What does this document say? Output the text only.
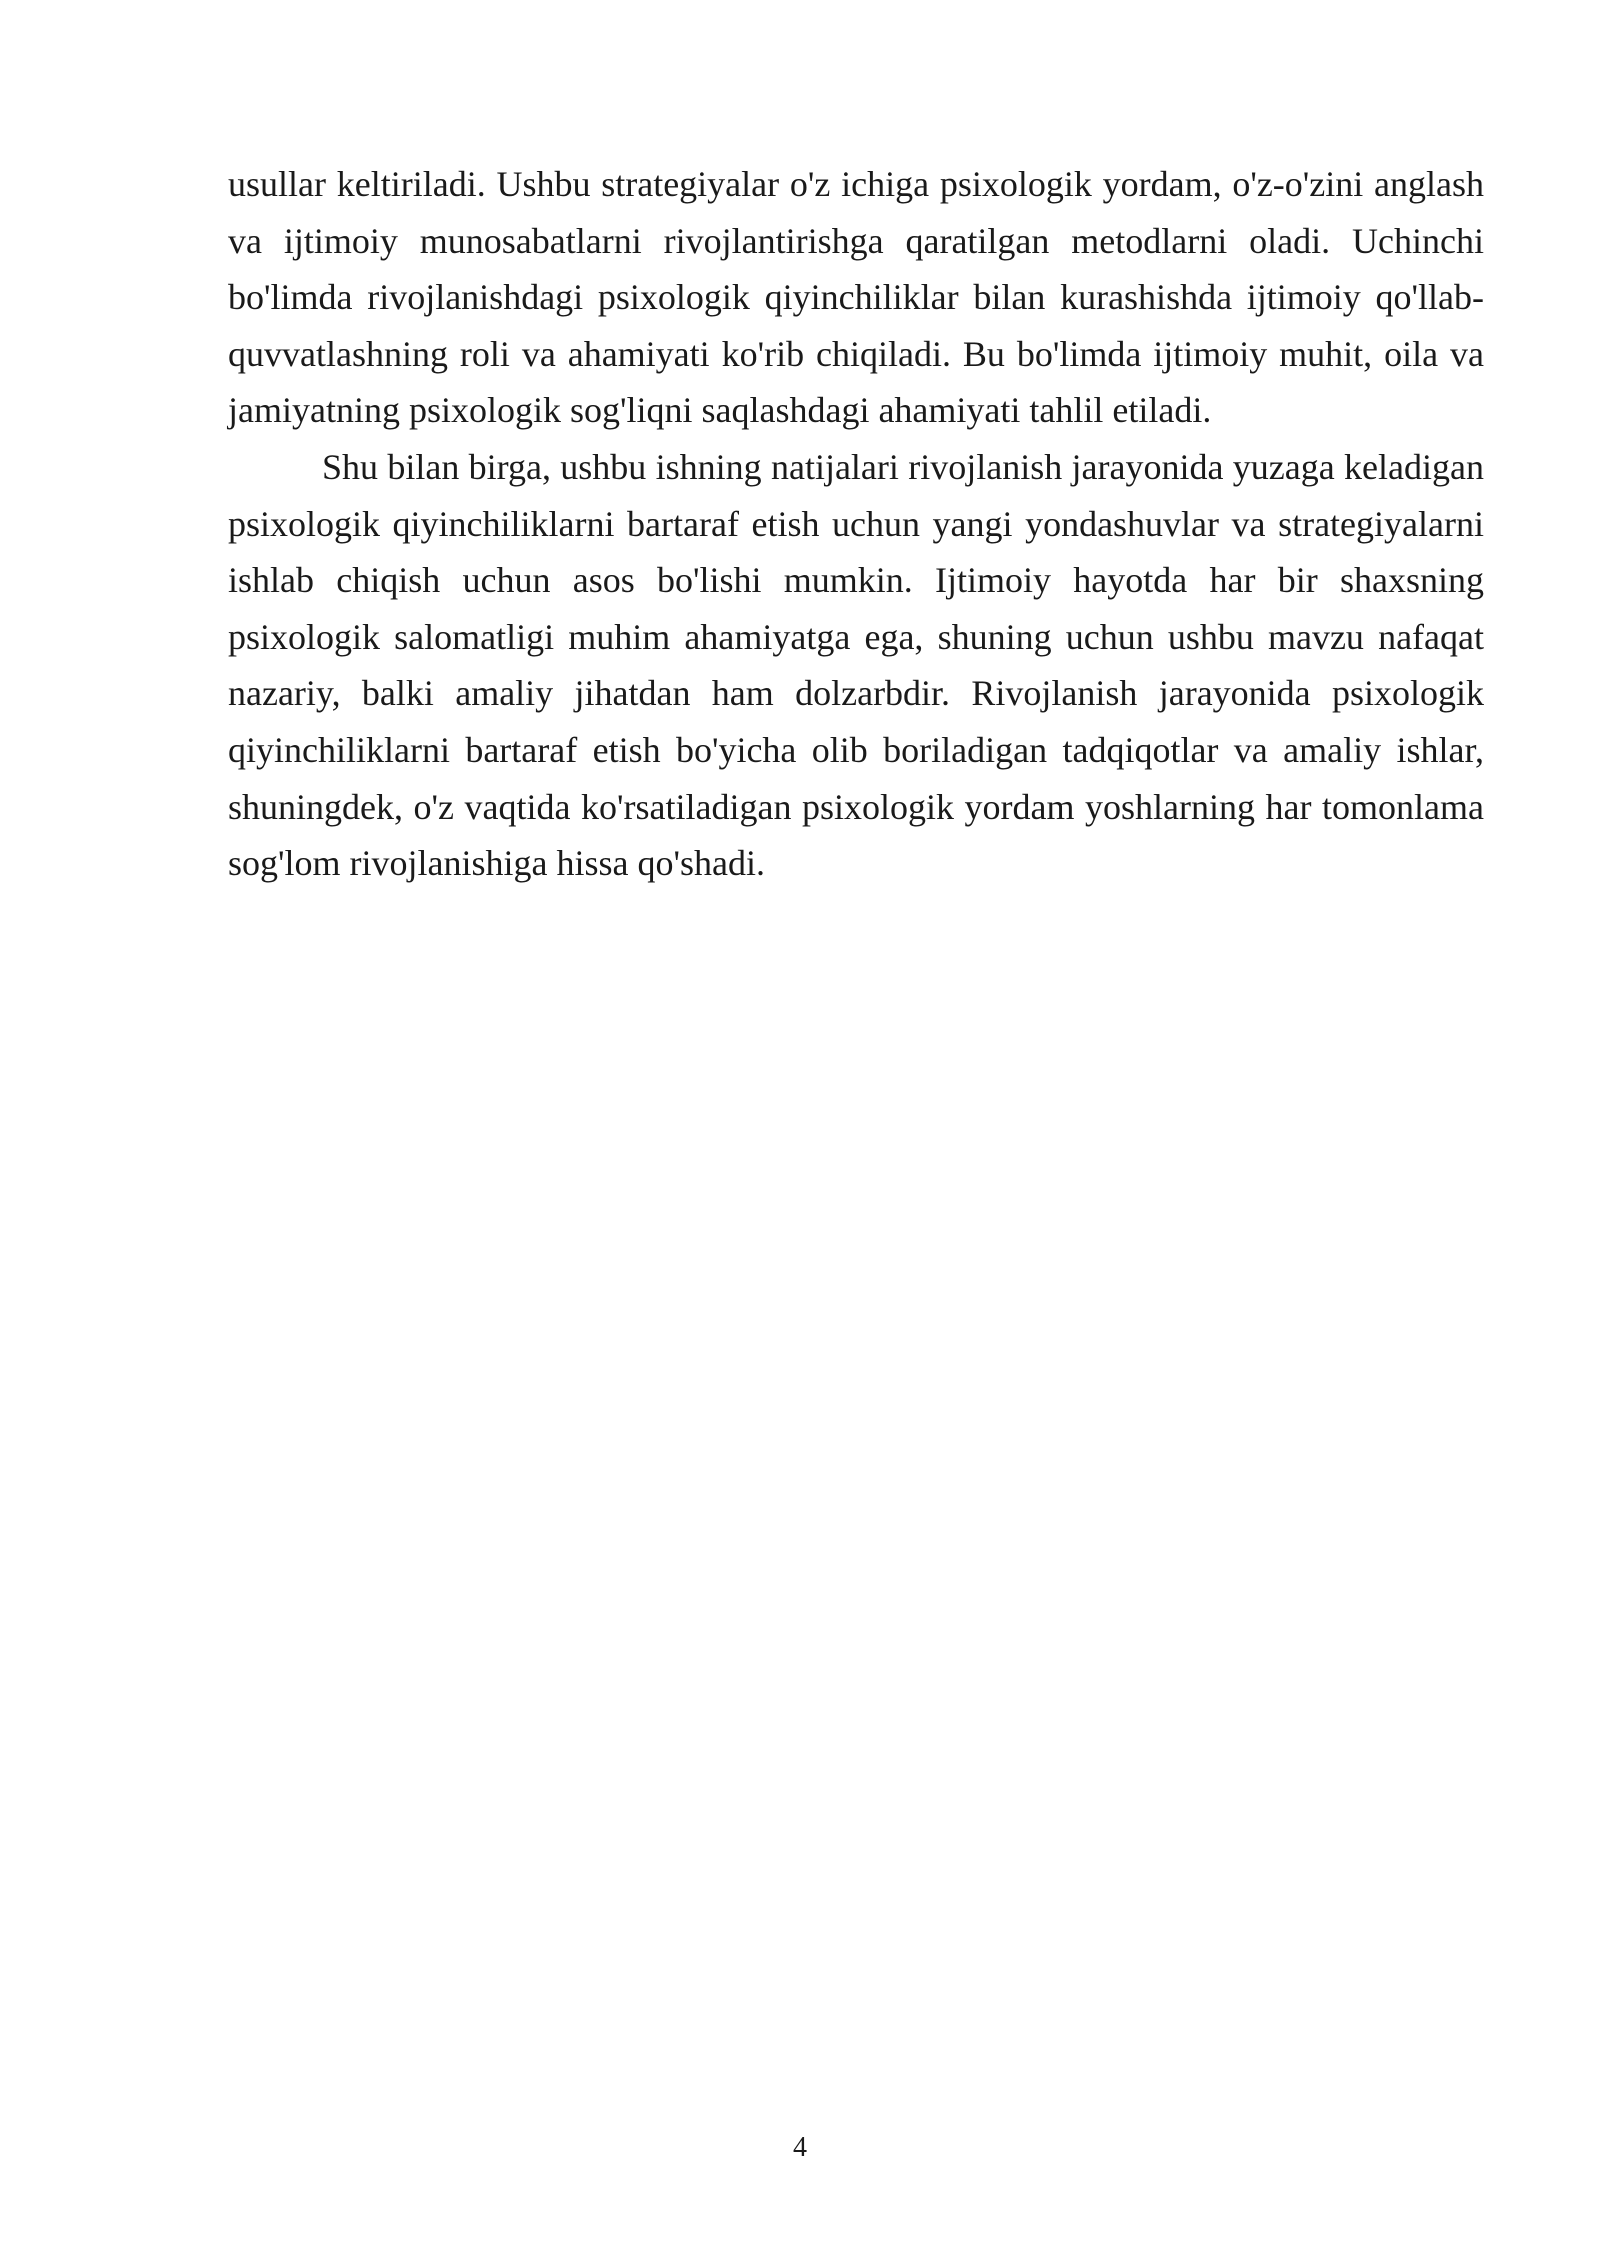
usullar keltiriladi. Ushbu strategiyalar o'z ichiga psixologik yordam, o'z-o'zini anglash va ijtimoiy munosabatlarni rivojlantirishga qaratilgan metodlarni oladi. Uchinchi bo'limda rivojlanishdagi psixologik qiyinchiliklar bilan kurashishda ijtimoiy qo'llab-quvvatlashning roli va ahamiyati ko'rib chiqiladi. Bu bo'limda ijtimoiy muhit, oila va jamiyatning psixologik sog'liqni saqlashdagi ahamiyati tahlil etiladi.

Shu bilan birga, ushbu ishning natijalari rivojlanish jarayonida yuzaga keladigan psixologik qiyinchiliklarni bartaraf etish uchun yangi yondashuvlar va strategiyalarni ishlab chiqish uchun asos bo'lishi mumkin. Ijtimoiy hayotda har bir shaxsning psixologik salomatligi muhim ahamiyatga ega, shuning uchun ushbu mavzu nafaqat nazariy, balki amaliy jihatdan ham dolzarbdir. Rivojlanish jarayonida psixologik qiyinchiliklarni bartaraf etish bo'yicha olib boriladigan tadqiqotlar va amaliy ishlar, shuningdek, o'z vaqtida ko'rsatiladigan psixologik yordam yoshlarning har tomonlama sog'lom rivojlanishiga hissa qo'shadi.

4
